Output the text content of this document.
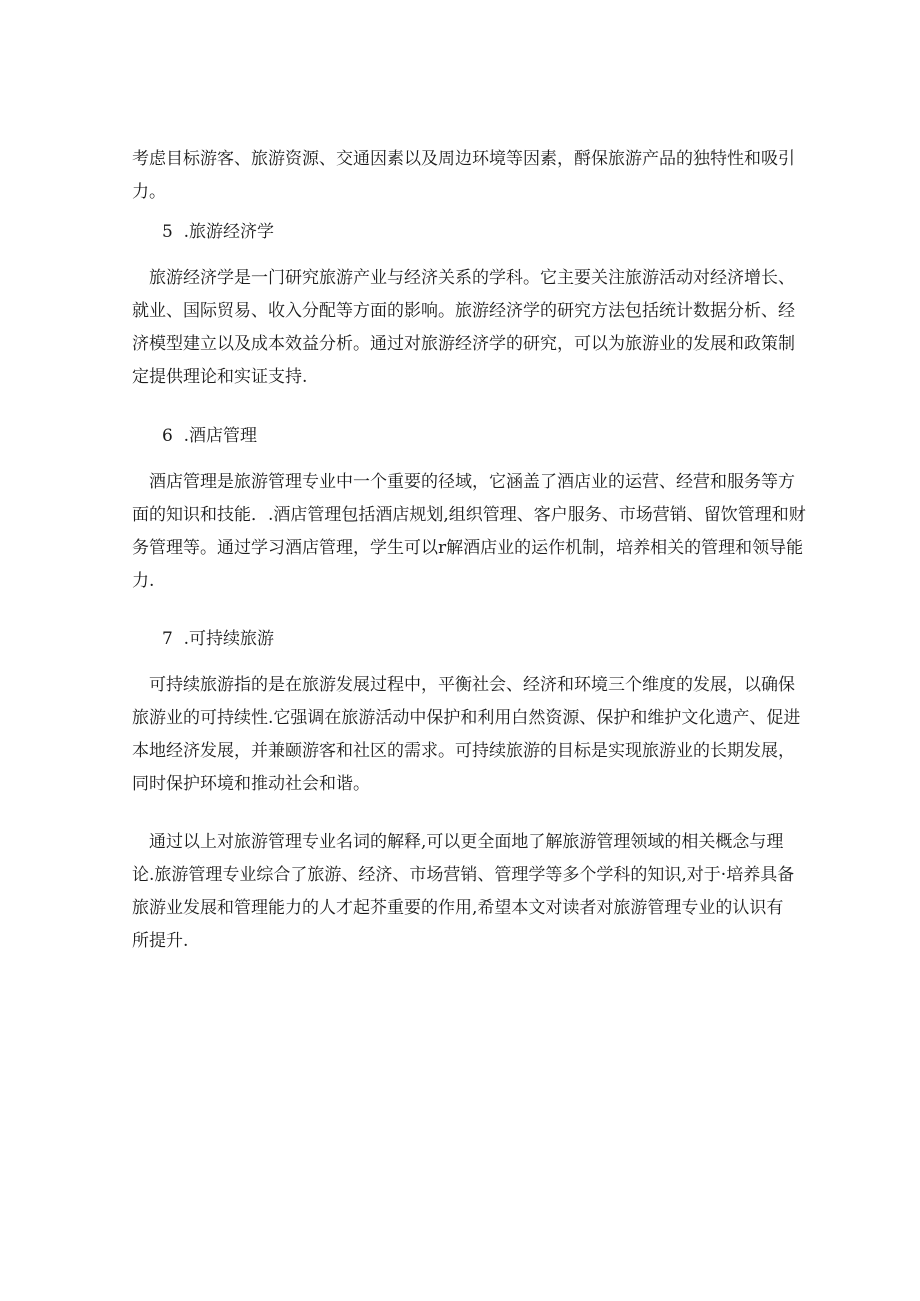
考虑目标游客、旅游资源、交通因素以及周边环境等因素，酹保旅游产品的独特性和吸引
力。

5  .旅游经济学

　旅游经济学是一门研究旅游产业与经济关系的学科。它主要关注旅游活动对经济增长、
就业、国际贸易、收入分配等方面的影响。旅游经济学的研究方法包括统计数据分析、经
济模型建立以及成本效益分析。通过对旅游经济学的研究，可以为旅游业的发展和政策制
定提供理论和实证支持.

6  .酒店管理

　酒店管理是旅游管理专业中一个重要的径域，它涵盖了酒店业的运营、经营和服务等方
面的知识和技能．.酒店管理包括酒店规划,组织管理、客户服务、市场营销、留饮管理和财
务管理等。通过学习酒店管理，学生可以r解酒店业的运作机制，培养相关的管理和领导能
力.

7  .可持续旅游

　可持续旅游指的是在旅游发展过程中，平衡社会、经济和环境三个维度的发展，以确保
旅游业的可持续性.它强调在旅游活动中保护和利用白然资源、保护和维护文化遗产、促进
本地经济发展，并兼颐游客和社区的需求。可持续旅游的目标是实现旅游业的长期发展，
同时保护环境和推动社会和谐。

　通过以上对旅游管理专业名词的解释,可以更全面地了解旅游管理领域的相关概念与理
论.旅游管理专业综合了旅游、经济、市场营销、管理学等多个学科的知识,对于·培养具备
旅游业发展和管理能力的人才起芥重要的作用,希望本文对读者对旅游管理专业的认识有
所提升.
